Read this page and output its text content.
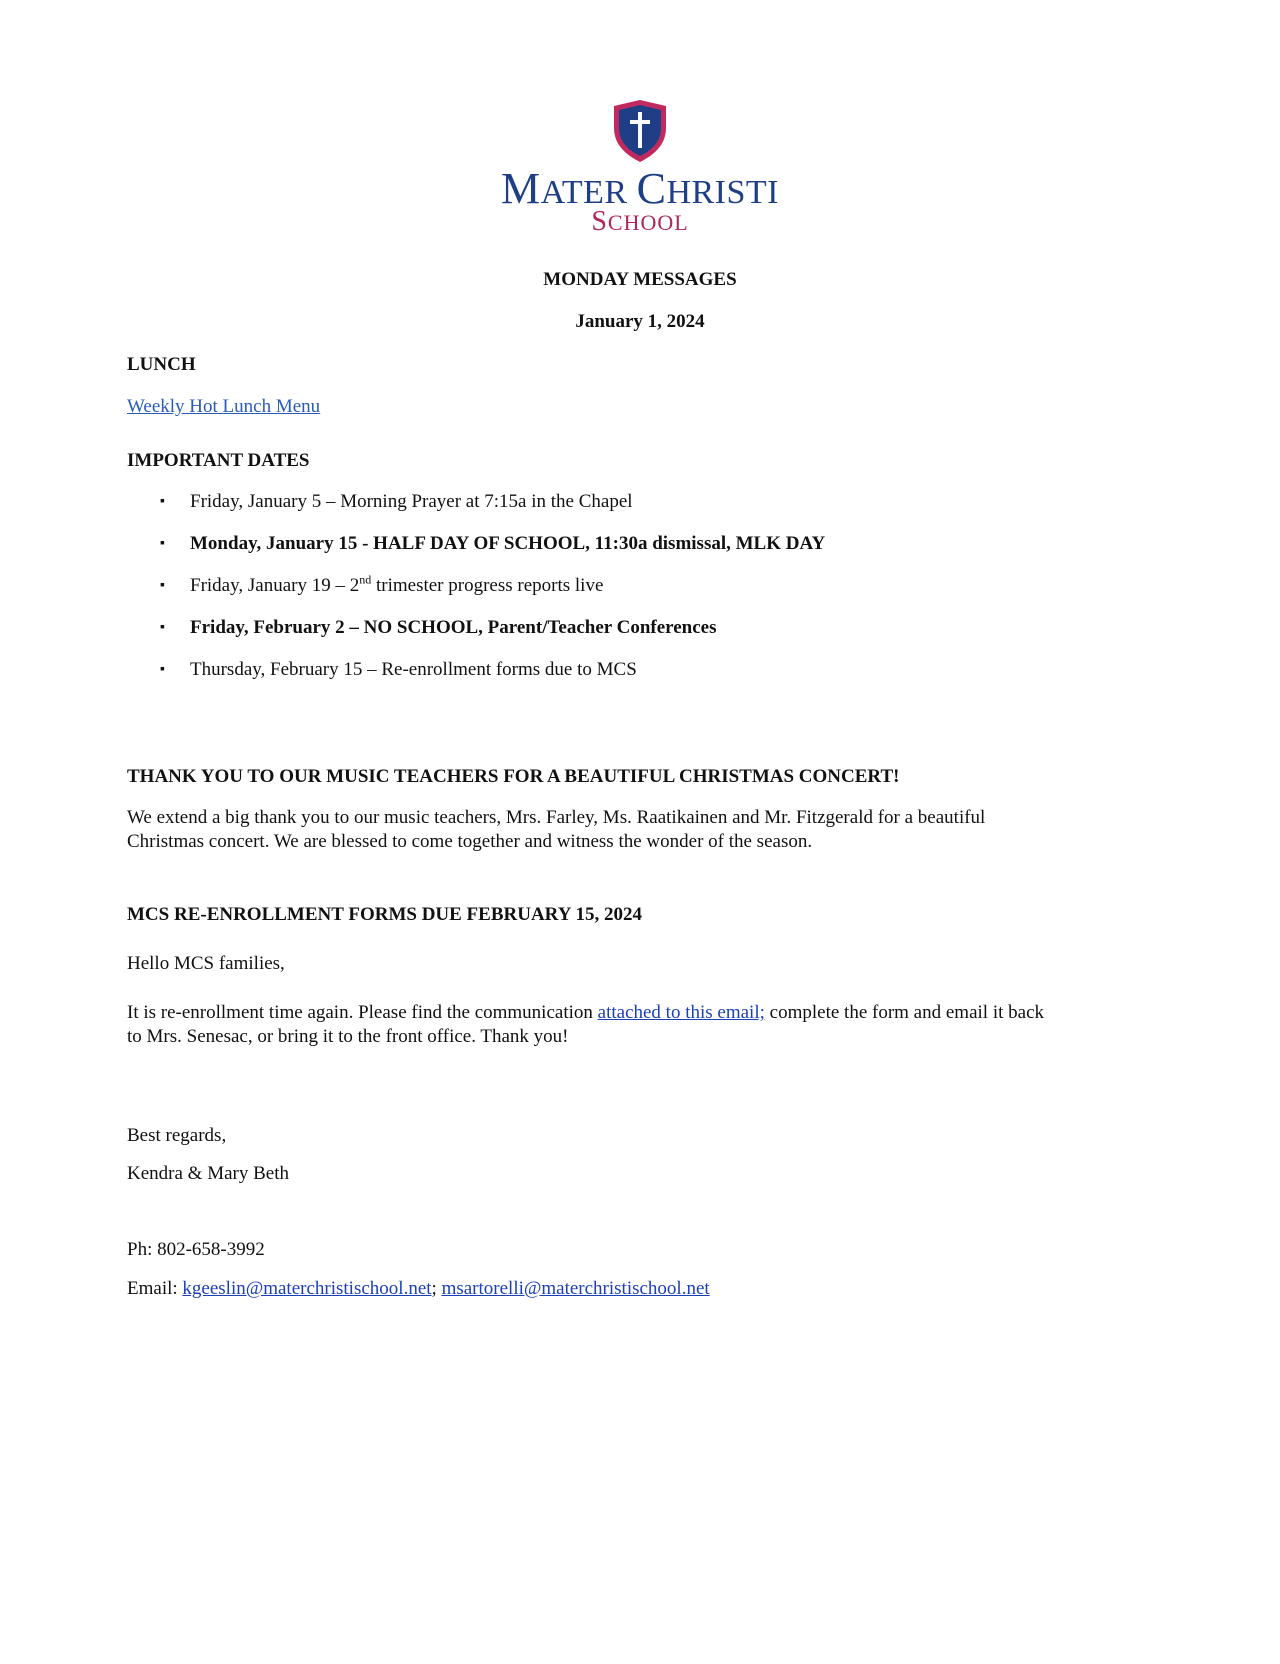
MATER CHRISTI
SCHOOL
MONDAY MESSAGES
January 1, 2024
LUNCH
Weekly Hot Lunch Menu
IMPORTANT DATES
▪ Friday, January 5 – Morning Prayer at 7:15a in the Chapel
▪ Monday, January 15 - HALF DAY OF SCHOOL, 11:30a dismissal, MLK DAY
▪ Friday, January 19 – 2nd trimester progress reports live
▪ Friday, February 2 – NO SCHOOL, Parent/Teacher Conferences
▪ Thursday, February 15 – Re-enrollment forms due to MCS
THANK YOU TO OUR MUSIC TEACHERS FOR A BEAUTIFUL CHRISTMAS CONCERT!
We extend a big thank you to our music teachers, Mrs. Farley, Ms. Raatikainen and Mr. Fitzgerald for a beautiful
Christmas concert. We are blessed to come together and witness the wonder of the season.
MCS RE-ENROLLMENT FORMS DUE FEBRUARY 15, 2024
Hello MCS families,
It is re-enrollment time again. Please find the communication attached to this email; complete the form and email it back
to Mrs. Senesac, or bring it to the front office. Thank you!
Best regards,
Kendra & Mary Beth
Ph: 802-658-3992
Email: kgeeslin@materchristischool.net; msartorelli@materchristischool.net
